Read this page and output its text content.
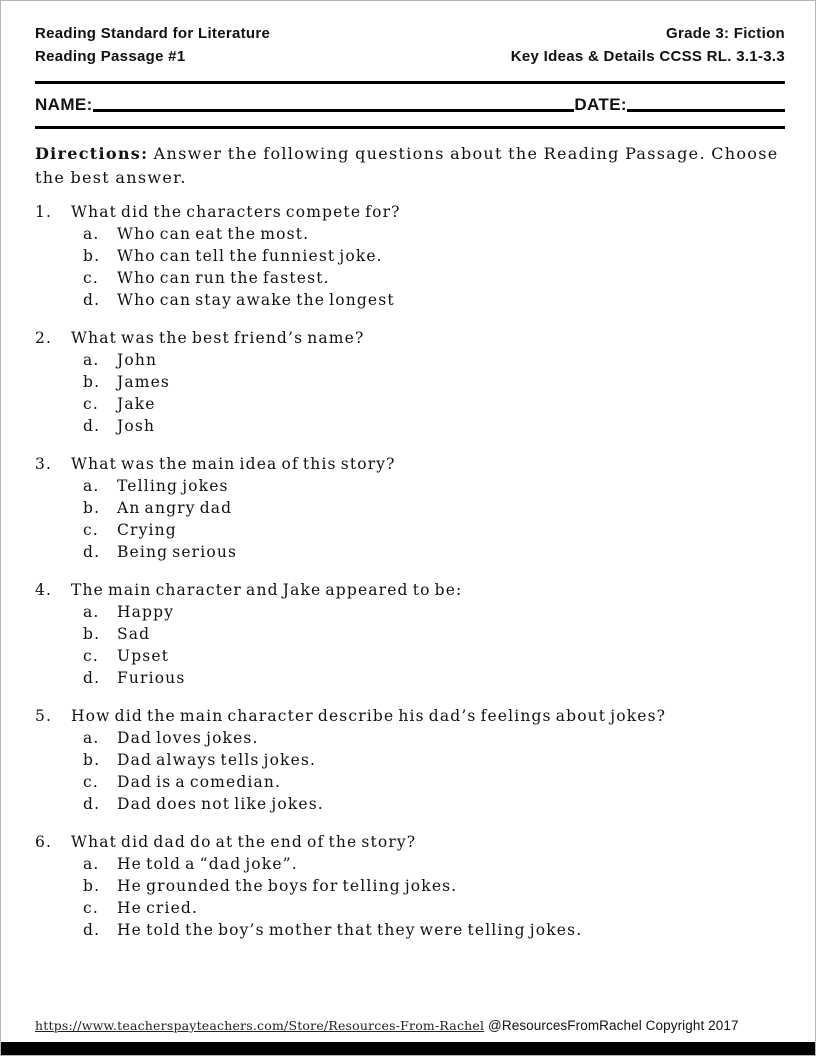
Reading Standard for Literature
Reading Passage #1
Grade 3: Fiction
Key Ideas & Details CCSS RL. 3.1-3.3
NAME:	DATE:
Directions: Answer the following questions about the Reading Passage. Choose the best answer.
1.	What did the characters compete for?
a.	Who can eat the most.
b.	Who can tell the funniest joke.
c.	Who can run the fastest.
d.	Who can stay awake the longest
2.	What was the best friend’s name?
a.	John
b.	James
c.	Jake
d.	Josh
3.	What was the main idea of this story?
a.	Telling jokes
b.	An angry dad
c.	Crying
d.	Being serious
4.	The main character and Jake appeared to be:
a.	Happy
b.	Sad
c.	Upset
d.	Furious
5.	How did the main character describe his dad’s feelings about jokes?
a.	Dad loves jokes.
b.	Dad always tells jokes.
c.	Dad is a comedian.
d.	Dad does not like jokes.
6.	What did dad do at the end of the story?
a.	He told a “dad joke”.
b.	He grounded the boys for telling jokes.
c.	He cried.
d.	He told the boy’s mother that they were telling jokes.
https://www.teacherspayteachers.com/Store/Resources-From-Rachel @ResourcesFromRachel Copyright 2017
